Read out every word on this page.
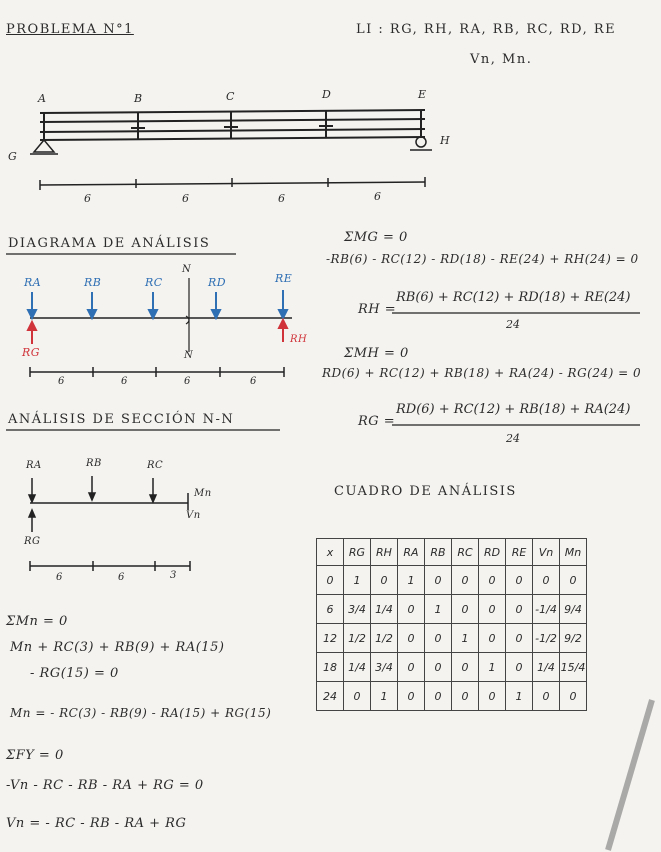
PROBLEMA N°1	LI : RG, RH, RA, RB, RC, RD, RE
Vn, Mn.
A	B	C	D	E
G
H
6	6	6	6
DIAGRAMA DE ANÁLISIS
RA	RB	RC	RD	RE
N
N
RG
RH
6	6	6	6
ΣMG = 0
-RB(6) - RC(12) - RD(18) - RE(24) + RH(24) = 0
RH =
RB(6) + RC(12) + RD(18) + RE(24)
24
ΣMH = 0
RD(6) + RC(12) + RB(18) + RA(24) - RG(24) = 0
RG =
RD(6) + RC(12) + RB(18) + RA(24)
24
ANÁLISIS DE SECCIÓN N-N
RA	RB	RC
Mn
Vn
RG
6	6	3
ΣMn = 0
Mn + RC(3) + RB(9) + RA(15)
- RG(15) = 0
Mn = - RC(3) - RB(9) - RA(15) + RG(15)
ΣFY = 0
-Vn - RC - RB - RA + RG = 0
Vn = - RC - RB - RA + RG
CUADRO DE ANÁLISIS
x	RG	RH	RA	RB	RC	RD	RE	Vn	Mn
0	1	0	1	0	0	0	0	0	0
6	3/4	1/4	0	1	0	0	0	-1/4	9/4
12	1/2	1/2	0	0	1	0	0	-1/2	9/2
18	1/4	3/4	0	0	0	1	0	1/4	15/4
24	0	1	0	0	0	0	1	0	0
